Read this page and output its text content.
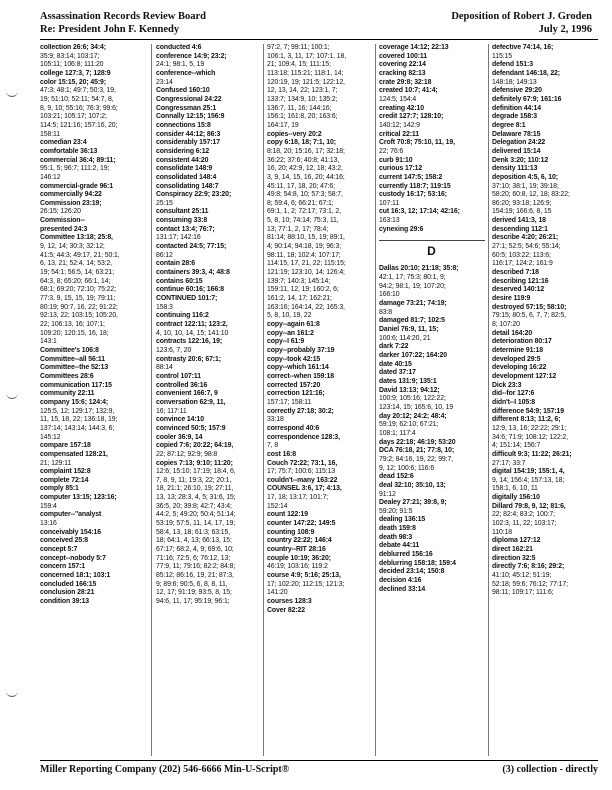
Assassination Records Review Board
Re: President John F. Kennedy
Deposition of Robert J. Groden
July 2, 1996
collection 26:6; 34:4;
35:9; 83:14; 103:17;
105:11; 106:8; 111:20
college 127:3, 7; 128:9
color 15:15, 20; 45:9;
47:3; 48:1; 49:7; 50:3, 19,
19; 51:10; 52:11; 54:7, 8,
8, 9, 10; 55:16; 76:3; 99:6;
103:21; 105:17; 107:2;
114:5; 121:16; 157:16, 20;
158:11
comedian 23:4
comfortable 36:13
commercial 36:4; 89:11;
95:1, 5; 96:7; 111:2, 19;
146:12
commercial-grade 96:1
commercially 94:22
Commission 23:19;
26:15; 126:20
Commission--
presented 24:3
Committee 13:18; 25:8,
9, 12, 14; 30:3; 32:12;
41:5; 44:3; 49:17, 21; 50:1,
6, 13, 21; 52:4, 14; 53:2,
19; 54:1; 56:5, 14; 63:21;
64:3, 8; 65:20; 66:1, 14;
68:1; 69:20; 72:10; 75:22;
77:3, 9, 15, 15, 19; 79:11;
80:19; 90:7, 16, 22; 91:22;
92:13, 22; 103:15; 105:20,
22; 106:13, 16; 107:1;
109:20; 120:15, 16, 18;
143:1
Committee's 106:8
Committee--all 56:11
Committee--the 52:13
Committees 28:6
communication 117:15
community 22:11
company 15:6; 124:4;
125:5, 12; 129:17; 132:9,
11, 15, 18, 22; 136:18, 19;
137:14; 143:14; 144:3, 6;
145:12
compare 157:18
compensated 128:21,
21; 129:11
complaint 152:8
complete 72:14
comply 85:1
computer 13:15; 123:16;
159:4
computer--"analyst
13:16
conceivably 154:16
conceived 25:8
concept 5:7
concept--nobody 5:7
concern 157:1
concerned 18:1; 103:1
concluded 166:15
conclusion 28:21
condition 39:13
conducted 4:6
conference 14:9; 23:2;
24:1; 98:1, 5, 19
conference--which
23:14
Confused 160:10
Congressional 24:22
Congressman 25:1
Connally 12:15; 156:9
connections 15:8
consider 44:12; 86:3
considerably 157:17
considering 6:12
consistent 44:20
consolidate 148:9
consolidated 148:4
consolidating 148:7
Conspiracy 22:9; 23:20;
25:15
consultant 25:11
consuming 33:8
contact 13:4; 76:7;
131:17; 142:16
contacted 24:5; 77:15;
86:12
contain 28:6
containers 39:3, 4; 48:8
contains 60:15
continue 60:16; 166:8
CONTINUED 101:7;
158:3
continuing 116:2
contract 122:11; 123:2,
4, 10, 10, 14, 15; 141:10
contracts 122:16, 19;
123:6, 7, 20
contrasty 20:6; 67:1;
88:14
control 107:11
controlled 36:16
convenient 166:7, 9
conversation 62:9, 11,
16; 117:11
convince 14:10
convinced 50:5; 157:9
cooler 36:9, 14
copied 7:6; 20:22; 64:19,
22; 87:12; 92:9; 98:8
copies 7:13; 9:10; 11:20;
12:6; 15:10; 17:19; 18:4, 6,
7, 8, 9, 11; 19:3, 22; 20:1,
18, 21:1; 26:10, 19; 27:11,
13, 13; 28:3, 4, 5; 31:6, 15;
36:5, 20; 39:8; 42:7; 43:4;
44:2, 5; 49:20; 50:4; 51:14;
53:19; 57:5, 11, 14, 17, 19;
58:4, 13, 18; 61:3; 63:15,
18; 64:1, 4, 13; 66:13, 15;
67:17; 68:2, 4, 9; 69:6, 10;
71:16; 72:5, 6; 76:12, 13;
77:9, 11; 79:16; 82:2; 84:8;
85:12; 86:16, 19, 21; 87:3,
9; 89:6; 90:5, 6, 8, 8, 11,
12, 17; 91:19; 93:5, 8, 15;
94:6, 11, 17; 95:19; 96:1;
97:2, 7; 99:11; 100:1;
106:1, 3, 11, 17; 107:1, 18,
21; 109:4, 15; 111:15;
113:18; 115:21; 118:1, 14;
120:19, 19; 121:5; 122:12,
12, 13, 14, 22; 123:1, 7;
133:7; 134:9, 10; 135:2;
136:7, 11, 16; 144:16;
156:1; 161:8, 20; 163:6;
164:17, 19
copies--very 20:2
copy 6:18, 18; 7:1, 10;
8:18, 20; 15:16, 17; 32:18;
36:22; 37:6; 40:8; 41:13,
16, 20; 42:9, 12, 18; 43:2,
3, 9, 14, 15, 16, 20; 44:16;
45:11, 17, 18, 20; 47:6;
49:8; 54:8, 10; 57:3; 58:7,
8; 59:4, 6; 66:21; 67:1;
69:1, 1, 2; 72:17; 73:1, 2,
5, 8, 10; 74:14; 75:3, 11,
13; 77:1, 2, 17; 78:4;
81:14; 88:10, 15, 19; 89:1,
4; 90:14; 94:18, 19; 96:3;
98:11, 18; 102:4; 107:17;
114:15, 17, 21, 22; 115:15;
121:19; 123:10, 14; 126:4;
139:7; 140:3; 145:14;
159:11, 12, 19; 160:2, 6;
161:2, 14, 17; 162:21;
163:16; 164:14, 22; 165:3,
5, 8, 10, 19, 22
copy--again 61:8
copy--an 161:2
copy--I 61:9
copy--probably 37:19
copy--took 42:15
copy--which 161:14
correct--when 159:18
corrected 157:20
correction 121:16;
157:17; 158:11
correctly 27:18; 30:2;
33:18
correspond 40:6
correspondence 128:3,
7, 8
cost 16:8
Couch 72:22; 73:1, 16,
17; 75:7; 100:6; 115:13
couldn't--many 163:22
COUNSEL 3:6, 17; 4:13,
17, 18; 13:17; 101:7;
152:14
count 122:19
counter 147:22; 149:5
counting 108:9
country 22:22; 146:4
country--RIT 28:16
couple 10:19; 36:20;
46:19; 103:16; 119:2
course 4:9; 5:16; 25:13,
17; 102:20; 112:15; 121:3;
141:20
courses 128:3
Cover 82:22
coverage 14:12; 22:13
covered 100:11
covering 22:14
cracking 82:13
crate 29:8; 32:18
created 10:7; 41:4;
124:5; 154:4
creating 42:10
credit 127:7; 128:10;
140:12; 142:9
critical 22:11
Croft 70:8; 75:10, 11, 19,
22; 76:6
curb 91:10
curious 17:12
current 147:5; 158:2
currently 118:7; 119:15
custody 16:17; 53:16;
107:11
cut 16:3, 12; 17:14; 42:16;
163:13
cynexing 29:6
D
Dallas 20:10; 21:18; 35:8;
42:1, 17; 75:3; 80:1, 9;
94:2; 98:1, 19; 107:20;
166:10
damage 73:21; 74:19;
83:8
damaged 81:7; 102:5
Daniel 76:9, 11, 15;
100:6; 114:20, 21
dark 7:22
darker 107:22; 164:20
date 40:15
dated 37:17
dates 131:9; 135:1
David 13:13; 94:12;
100:9; 105:16; 122:22;
123:14, 15; 165:6, 10, 19
day 20:12; 24:2; 48:4;
59:19; 62:10; 67:21;
108:1; 117:4
days 22:18; 46:19; 53:20
DCA 76:18, 21; 77:8, 10;
79:2; 84:16, 19, 22; 99:7,
9, 12; 100:6; 116:6
dead 152:6
deal 32:10; 35:10, 13;
91:12
Dealey 27:21; 39:8, 9;
59:20; 91:5
dealing 136:15
death 159:8
death 98:3
debate 44:11
deblurred 156:16
deblurring 158:18; 159:4
decided 23:14; 150:8
decision 4:16
declined 33:14
defective 74:14, 16;
115:15
defend 151:3
defendant 146:18, 22;
148:18; 149:13
defensive 29:20
definitely 67:9; 161:16
definition 44:14
degrade 158:3
degree 8:1
Delaware 78:15
Delegation 24:22
delivered 15:14
Denk 3:20; 110:12
density 111:13
deposition 4:5, 6, 10;
37:10; 38:1, 19; 39:18;
58:20; 60:8, 12, 18; 83:22;
86:20; 93:18; 126:9;
154:19; 166:6, 8, 15
derived 141:3, 18
descending 112:1
describe 4:20; 26:21;
27:1; 52:5; 54:6; 55:14;
60:5; 103:22; 113:6;
116:17; 124:2; 161:9
described 7:18
describing 121:16
deserved 140:12
desire 119:9
destroyed 57:15; 58:10;
79:15; 80:5, 6, 7, 7; 82:5,
8; 107:20
detail 164:20
deterioration 80:17
determine 91:18
developed 29:5
developing 16:22
development 127:12
Dick 23:3
did--for 127:6
didn't--I 105:8
difference 54:9; 157:19
different 8:13; 11:2, 6;
12:9, 13, 16; 22:22; 29:1;
34:6; 71:9; 108:12; 122:2,
4; 151:14; 156:7
difficult 9:3; 11:22; 26:21;
27:17; 33:7
digital 154:19; 155:1, 4,
9, 14; 156:4; 157:13, 18;
158:1, 6, 10, 11
digitally 156:10
Dillard 79:8, 9, 12; 81:6,
22; 82:4; 83:2; 100:7;
102:3, 11, 22; 103:17;
110:18
diploma 127:12
direct 162:21
direction 32:5
directly 7:6; 8:16; 29:2;
41:10; 45:12; 51:19;
52:18; 59:6; 76:12; 77:17;
98:11; 109:17; 111:6;
Miller Reporting Company (202) 546-6666 Min-U-Script®	(3) collection - directly
